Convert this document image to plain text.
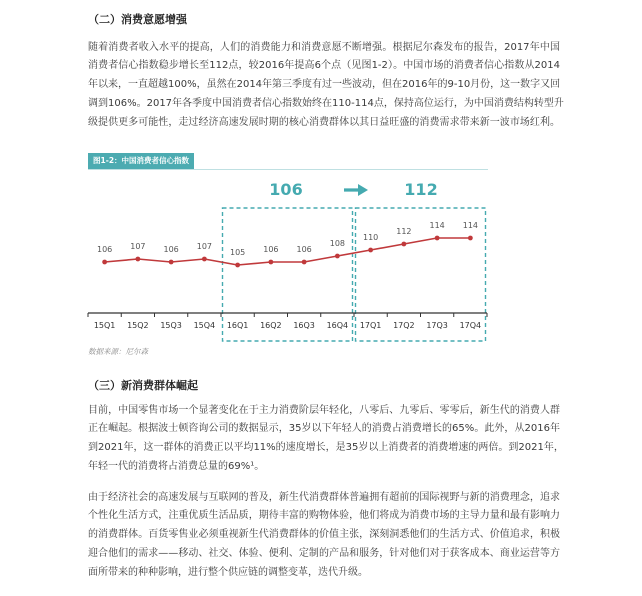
（二）消费意愿增强
随着消费者收入水平的提高，人们的消费能力和消费意愿不断增强。根据尼尔森发布的报告，2017年中国
消费者信心指数稳步增长至112点，较2016年提高6个点（见图1-2）。中国市场的消费者信心指数从2014
年以来，一直超越100%，虽然在2014年第三季度有过一些波动，但在2016年的9-10月份，这一数字又回
调到106%。2017年各季度中国消费者信心指数始终在110-114点，保持高位运行，为中国消费结构转型升
级提供更多可能性，走过经济高速发展时期的核心消费群体以其日益旺盛的消费需求带来新一波市场红利。
图1-2：中国消费者信心指数
106	112
15Q1 15Q2 15Q3 15Q4 16Q1 16Q2 16Q3 16Q4 17Q1 17Q2 17Q3 17Q4
106 107 106 107
105 106 106
108
110
112
114 114
数据来源：尼尔森
（三）新消费群体崛起
目前，中国零售市场一个显著变化在于主力消费阶层年轻化，八零后、九零后、零零后，新生代的消费人群
正在崛起。根据波士顿咨询公司的数据显示，35岁以下年轻人的消费占消费增长的65%。此外，从2016年
到2021年，这一群体的消费正以平均11%的速度增长，是35岁以上消费者的消费增速的两倍。到2021年，
年轻一代的消费将占消费总量的69%¹。
由于经济社会的高速发展与互联网的普及，新生代消费群体普遍拥有超前的国际视野与新的消费理念，追求
个性化生活方式，注重优质生活品质，期待丰富的购物体验，他们将成为消费市场的主导力量和最有影响力
的消费群体。百货零售业必须重视新生代消费群体的价值主张，深刻洞悉他们的生活方式、价值追求，积极
迎合他们的需求——移动、社交、体验、便利、定制的产品和服务，针对他们对于获客成本、商业运营等方
面所带来的种种影响，进行整个供应链的调整变革，迭代升级。
